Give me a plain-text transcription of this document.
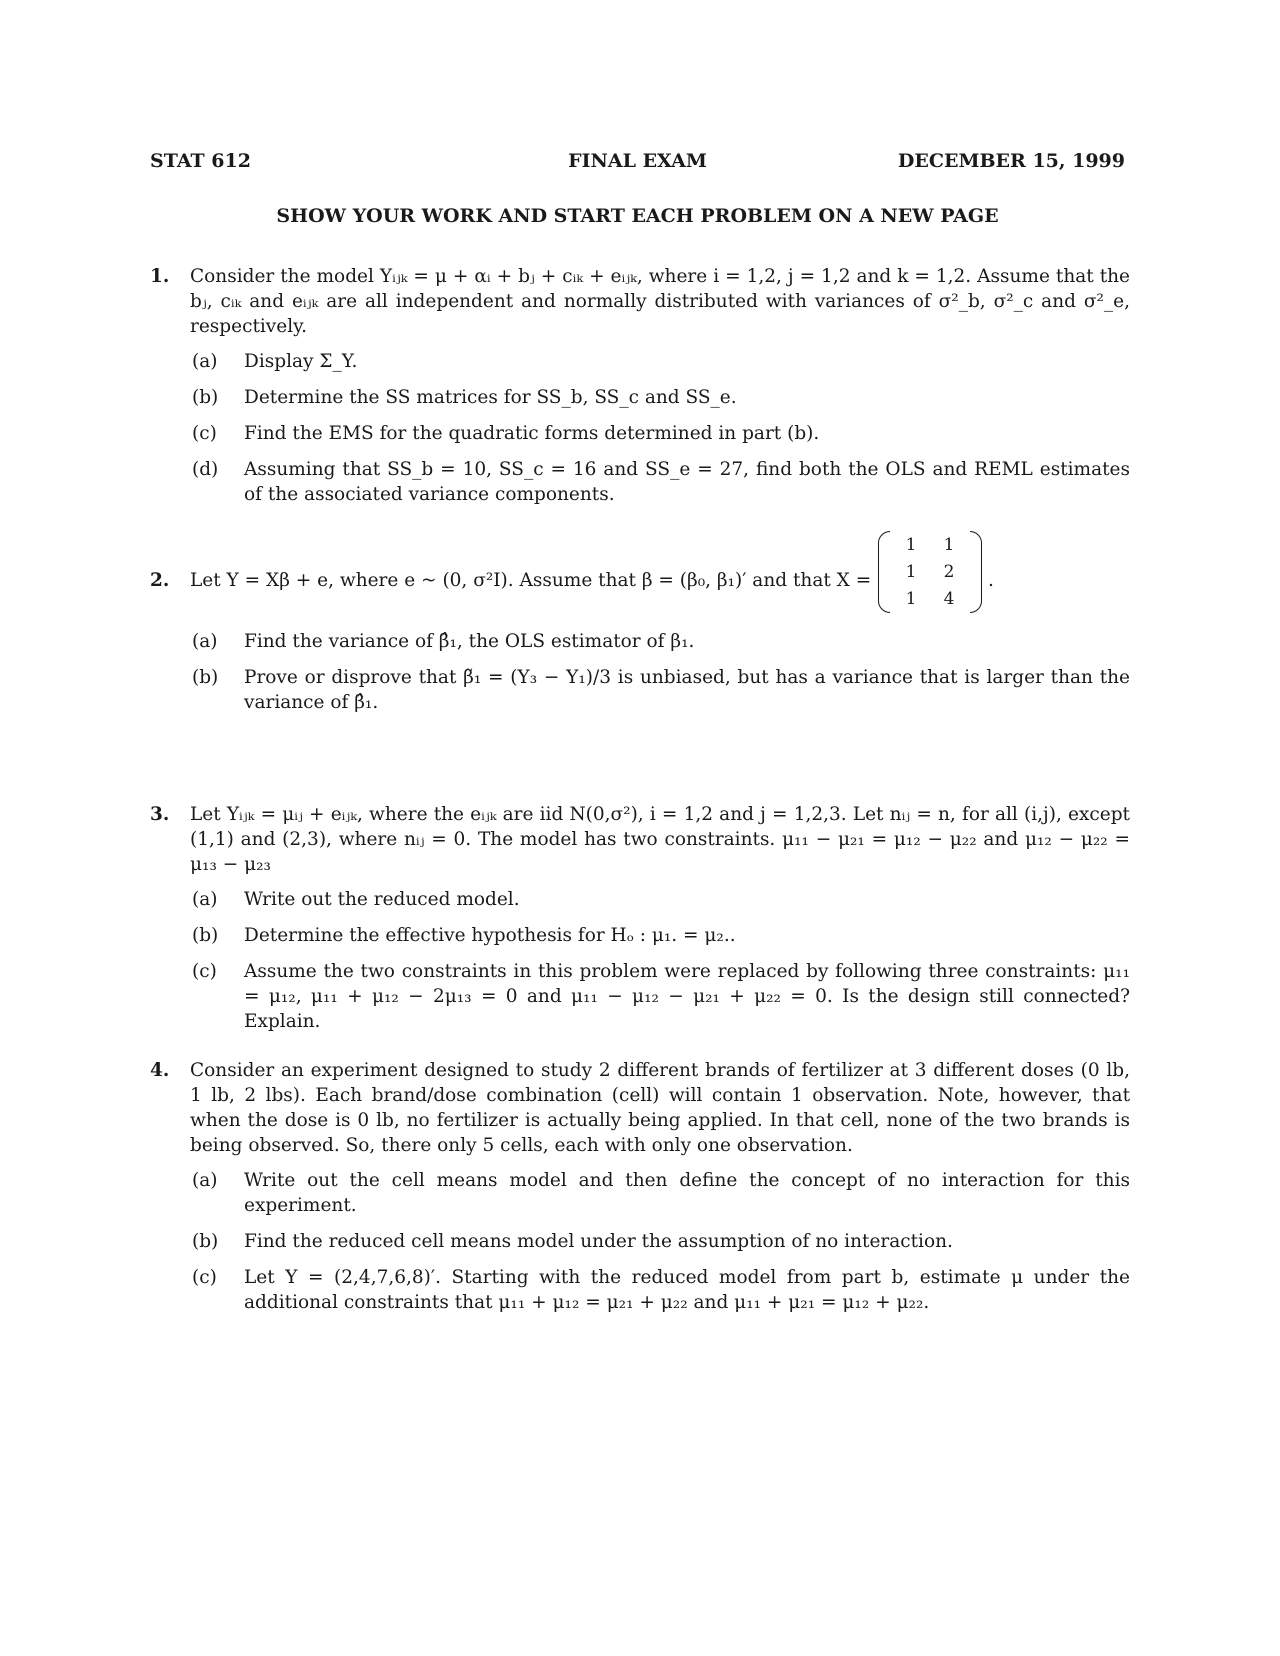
STAT 612	FINAL EXAM	DECEMBER 15, 1999
SHOW YOUR WORK AND START EACH PROBLEM ON A NEW PAGE
1. Consider the model Yᵢⱼₖ = μ + αᵢ + bⱼ + cᵢₖ + eᵢⱼₖ, where i = 1,2, j = 1,2 and k = 1,2. Assume that the bⱼ, cᵢₖ and eᵢⱼₖ are all independent and normally distributed with variances of σ²_b, σ²_c and σ²_e, respectively.
(a) Display Σ_Y.
(b) Determine the SS matrices for SS_b, SS_c and SS_e.
(c) Find the EMS for the quadratic forms determined in part (b).
(d) Assuming that SS_b = 10, SS_c = 16 and SS_e = 27, find both the OLS and REML estimates of the associated variance components.
2. Let Y = Xβ + e, where e ~ (0, σ²I). Assume that β = (β₀, β₁)′ and that X =
1	1
1	2
1	4
.
(a) Find the variance of β̂₁, the OLS estimator of β₁.
(b) Prove or disprove that β̃₁ = (Y₃ − Y₁)/3 is unbiased, but has a variance that is larger than the variance of β̂₁.
3. Let Yᵢⱼₖ = μᵢⱼ + eᵢⱼₖ, where the eᵢⱼₖ are iid N(0,σ²), i = 1,2 and j = 1,2,3. Let nᵢⱼ = n, for all (i,j), except (1,1) and (2,3), where nᵢⱼ = 0. The model has two constraints. μ₁₁ − μ₂₁ = μ₁₂ − μ₂₂ and μ₁₂ − μ₂₂ = μ₁₃ − μ₂₃
(a) Write out the reduced model.
(b) Determine the effective hypothesis for Hₒ : μ₁. = μ₂..
(c) Assume the two constraints in this problem were replaced by following three constraints: μ₁₁ = μ₁₂, μ₁₁ + μ₁₂ − 2μ₁₃ = 0 and μ₁₁ − μ₁₂ − μ₂₁ + μ₂₂ = 0. Is the design still connected? Explain.
4. Consider an experiment designed to study 2 different brands of fertilizer at 3 different doses (0 lb, 1 lb, 2 lbs). Each brand/dose combination (cell) will contain 1 observation. Note, however, that when the dose is 0 lb, no fertilizer is actually being applied. In that cell, none of the two brands is being observed. So, there only 5 cells, each with only one observation.
(a) Write out the cell means model and then define the concept of no interaction for this experiment.
(b) Find the reduced cell means model under the assumption of no interaction.
(c) Let Y = (2,4,7,6,8)′. Starting with the reduced model from part b, estimate μ under the additional constraints that μ₁₁ + μ₁₂ = μ₂₁ + μ₂₂ and μ₁₁ + μ₂₁ = μ₁₂ + μ₂₂.
